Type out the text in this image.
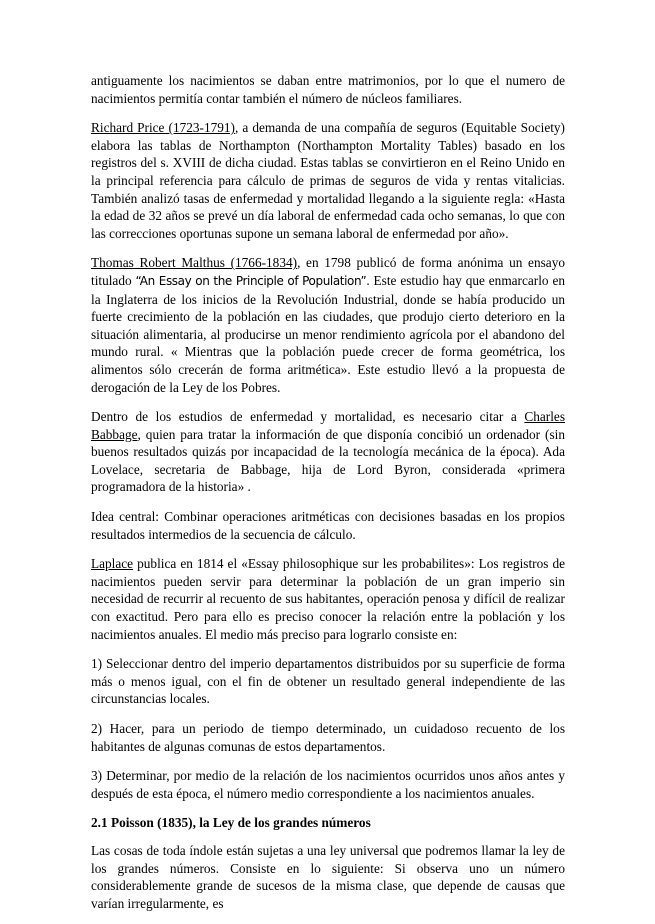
antiguamente los nacimientos se daban entre matrimonios, por lo que el numero de nacimientos permitía contar también el número de núcleos familiares.

Richard Price (1723-1791), a demanda de una compañía de seguros (Equitable Society) elabora las tablas de Northampton (Northampton Mortality Tables) basado en los registros del s. XVIII de dicha ciudad. Estas tablas se convirtieron en el Reino Unido en la principal referencia para cálculo de primas de seguros de vida y rentas vitalicias. También analizó tasas de enfermedad y mortalidad llegando a la siguiente regla: «Hasta la edad de 32 años se prevé un día laboral de enfermedad cada ocho semanas, lo que con las correcciones oportunas supone un semana laboral de enfermedad por año».

Thomas Robert Malthus (1766-1834), en 1798 publicó de forma anónima un ensayo titulado “An Essay on the Principle of Population”. Este estudio hay que enmarcarlo en la Inglaterra de los inicios de la Revolución Industrial, donde se había producido un fuerte crecimiento de la población en las ciudades, que produjo cierto deterioro en la situación alimentaria, al producirse un menor rendimiento agrícola por el abandono del mundo rural. « Mientras que la población puede crecer de forma geométrica, los alimentos sólo crecerán de forma aritmética». Este estudio llevó a la propuesta de derogación de la Ley de los Pobres.

Dentro de los estudios de enfermedad y mortalidad, es necesario citar a Charles Babbage, quien para tratar la información de que disponía concibió un ordenador (sin buenos resultados quizás por incapacidad de la tecnología mecánica de la época). Ada Lovelace, secretaria de Babbage, hija de Lord Byron, considerada «primera programadora de la historia» .

Idea central: Combinar operaciones aritméticas con decisiones basadas en los propios resultados intermedios de la secuencia de cálculo.

Laplace publica en 1814 el «Essay philosophique sur les probabilites»: Los registros de nacimientos pueden servir para determinar la población de un gran imperio sin necesidad de recurrir al recuento de sus habitantes, operación penosa y difícil de realizar con exactitud. Pero para ello es preciso conocer la relación entre la población y los nacimientos anuales. El medio más preciso para lograrlo consiste en:

1) Seleccionar dentro del imperio departamentos distribuidos por su superficie de forma más o menos igual, con el fin de obtener un resultado general independiente de las circunstancias locales.

2) Hacer, para un periodo de tiempo determinado, un cuidadoso recuento de los habitantes de algunas comunas de estos departamentos.

3) Determinar, por medio de la relación de los nacimientos ocurridos unos años antes y después de esta época, el número medio correspondiente a los nacimientos anuales.

2.1 Poisson (1835), la Ley de los grandes números

Las cosas de toda índole están sujetas a una ley universal que podremos llamar la ley de los grandes números. Consiste en lo siguiente: Si observa uno un número considerablemente grande de sucesos de la misma clase, que depende de causas que varían irregularmente, es
